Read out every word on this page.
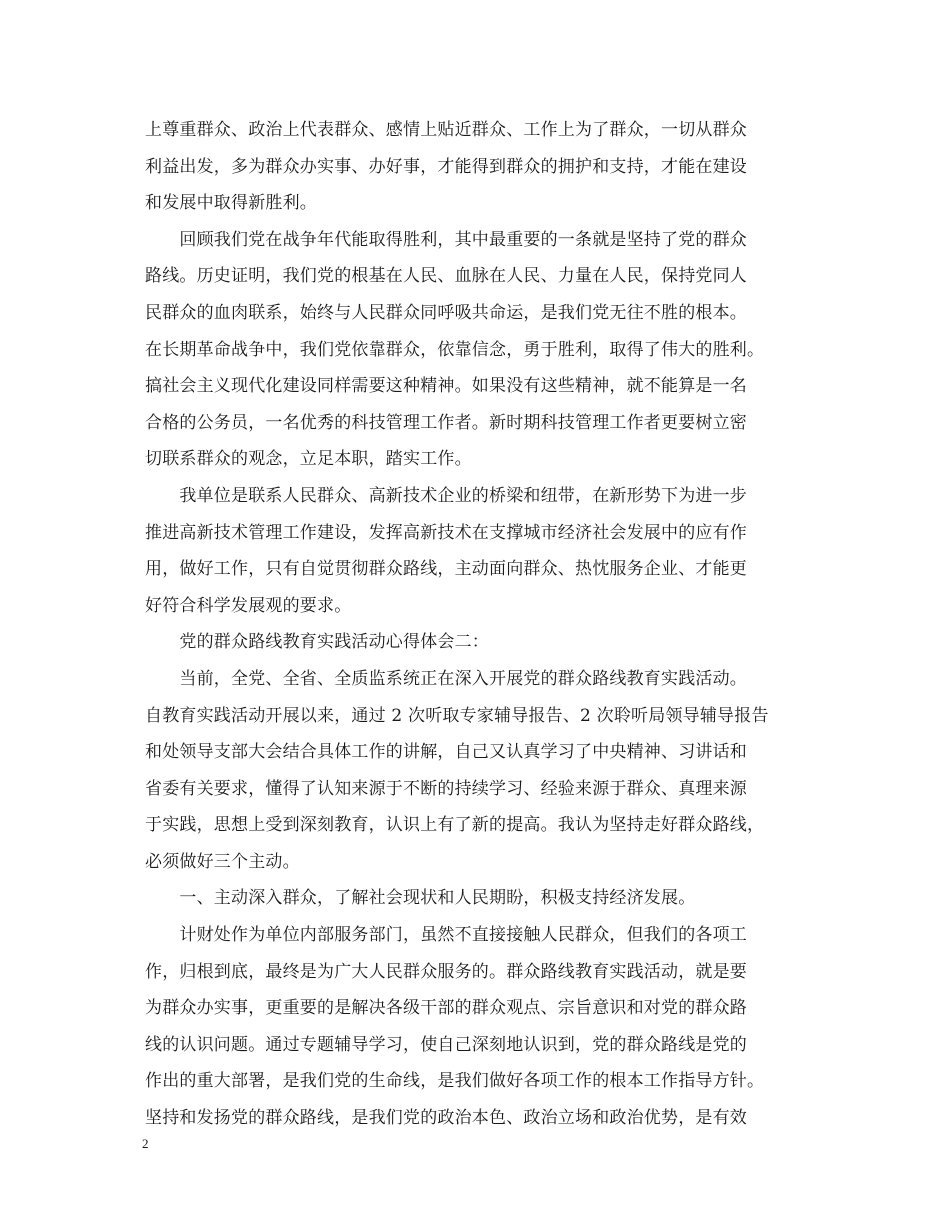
上尊重群众、政治上代表群众、感情上贴近群众、工作上为了群众，一切从群众
利益出发，多为群众办实事、办好事，才能得到群众的拥护和支持，才能在建设
和发展中取得新胜利。
　　回顾我们党在战争年代能取得胜利，其中最重要的一条就是坚持了党的群众
路线。历史证明，我们党的根基在人民、血脉在人民、力量在人民，保持党同人
民群众的血肉联系，始终与人民群众同呼吸共命运，是我们党无往不胜的根本。
在长期革命战争中，我们党依靠群众，依靠信念，勇于胜利，取得了伟大的胜利。
搞社会主义现代化建设同样需要这种精神。如果没有这些精神，就不能算是一名
合格的公务员，一名优秀的科技管理工作者。新时期科技管理工作者更要树立密
切联系群众的观念，立足本职，踏实工作。
　　我单位是联系人民群众、高新技术企业的桥梁和纽带，在新形势下为进一步
推进高新技术管理工作建设，发挥高新技术在支撑城市经济社会发展中的应有作
用，做好工作，只有自觉贯彻群众路线，主动面向群众、热忱服务企业、才能更
好符合科学发展观的要求。
　　党的群众路线教育实践活动心得体会二：
　　当前，全党、全省、全质监系统正在深入开展党的群众路线教育实践活动。
自教育实践活动开展以来，通过 2 次听取专家辅导报告、2 次聆听局领导辅导报告
和处领导支部大会结合具体工作的讲解，自己又认真学习了中央精神、习讲话和
省委有关要求，懂得了认知来源于不断的持续学习、经验来源于群众、真理来源
于实践，思想上受到深刻教育，认识上有了新的提高。我认为坚持走好群众路线，
必须做好三个主动。
　　一、主动深入群众，了解社会现状和人民期盼，积极支持经济发展。
　　计财处作为单位内部服务部门，虽然不直接接触人民群众，但我们的各项工
作，归根到底，最终是为广大人民群众服务的。群众路线教育实践活动，就是要
为群众办实事，更重要的是解决各级干部的群众观点、宗旨意识和对党的群众路
线的认识问题。通过专题辅导学习，使自己深刻地认识到，党的群众路线是党的
作出的重大部署，是我们党的生命线，是我们做好各项工作的根本工作指导方针。
坚持和发扬党的群众路线，是我们党的政治本色、政治立场和政治优势，是有效
2
